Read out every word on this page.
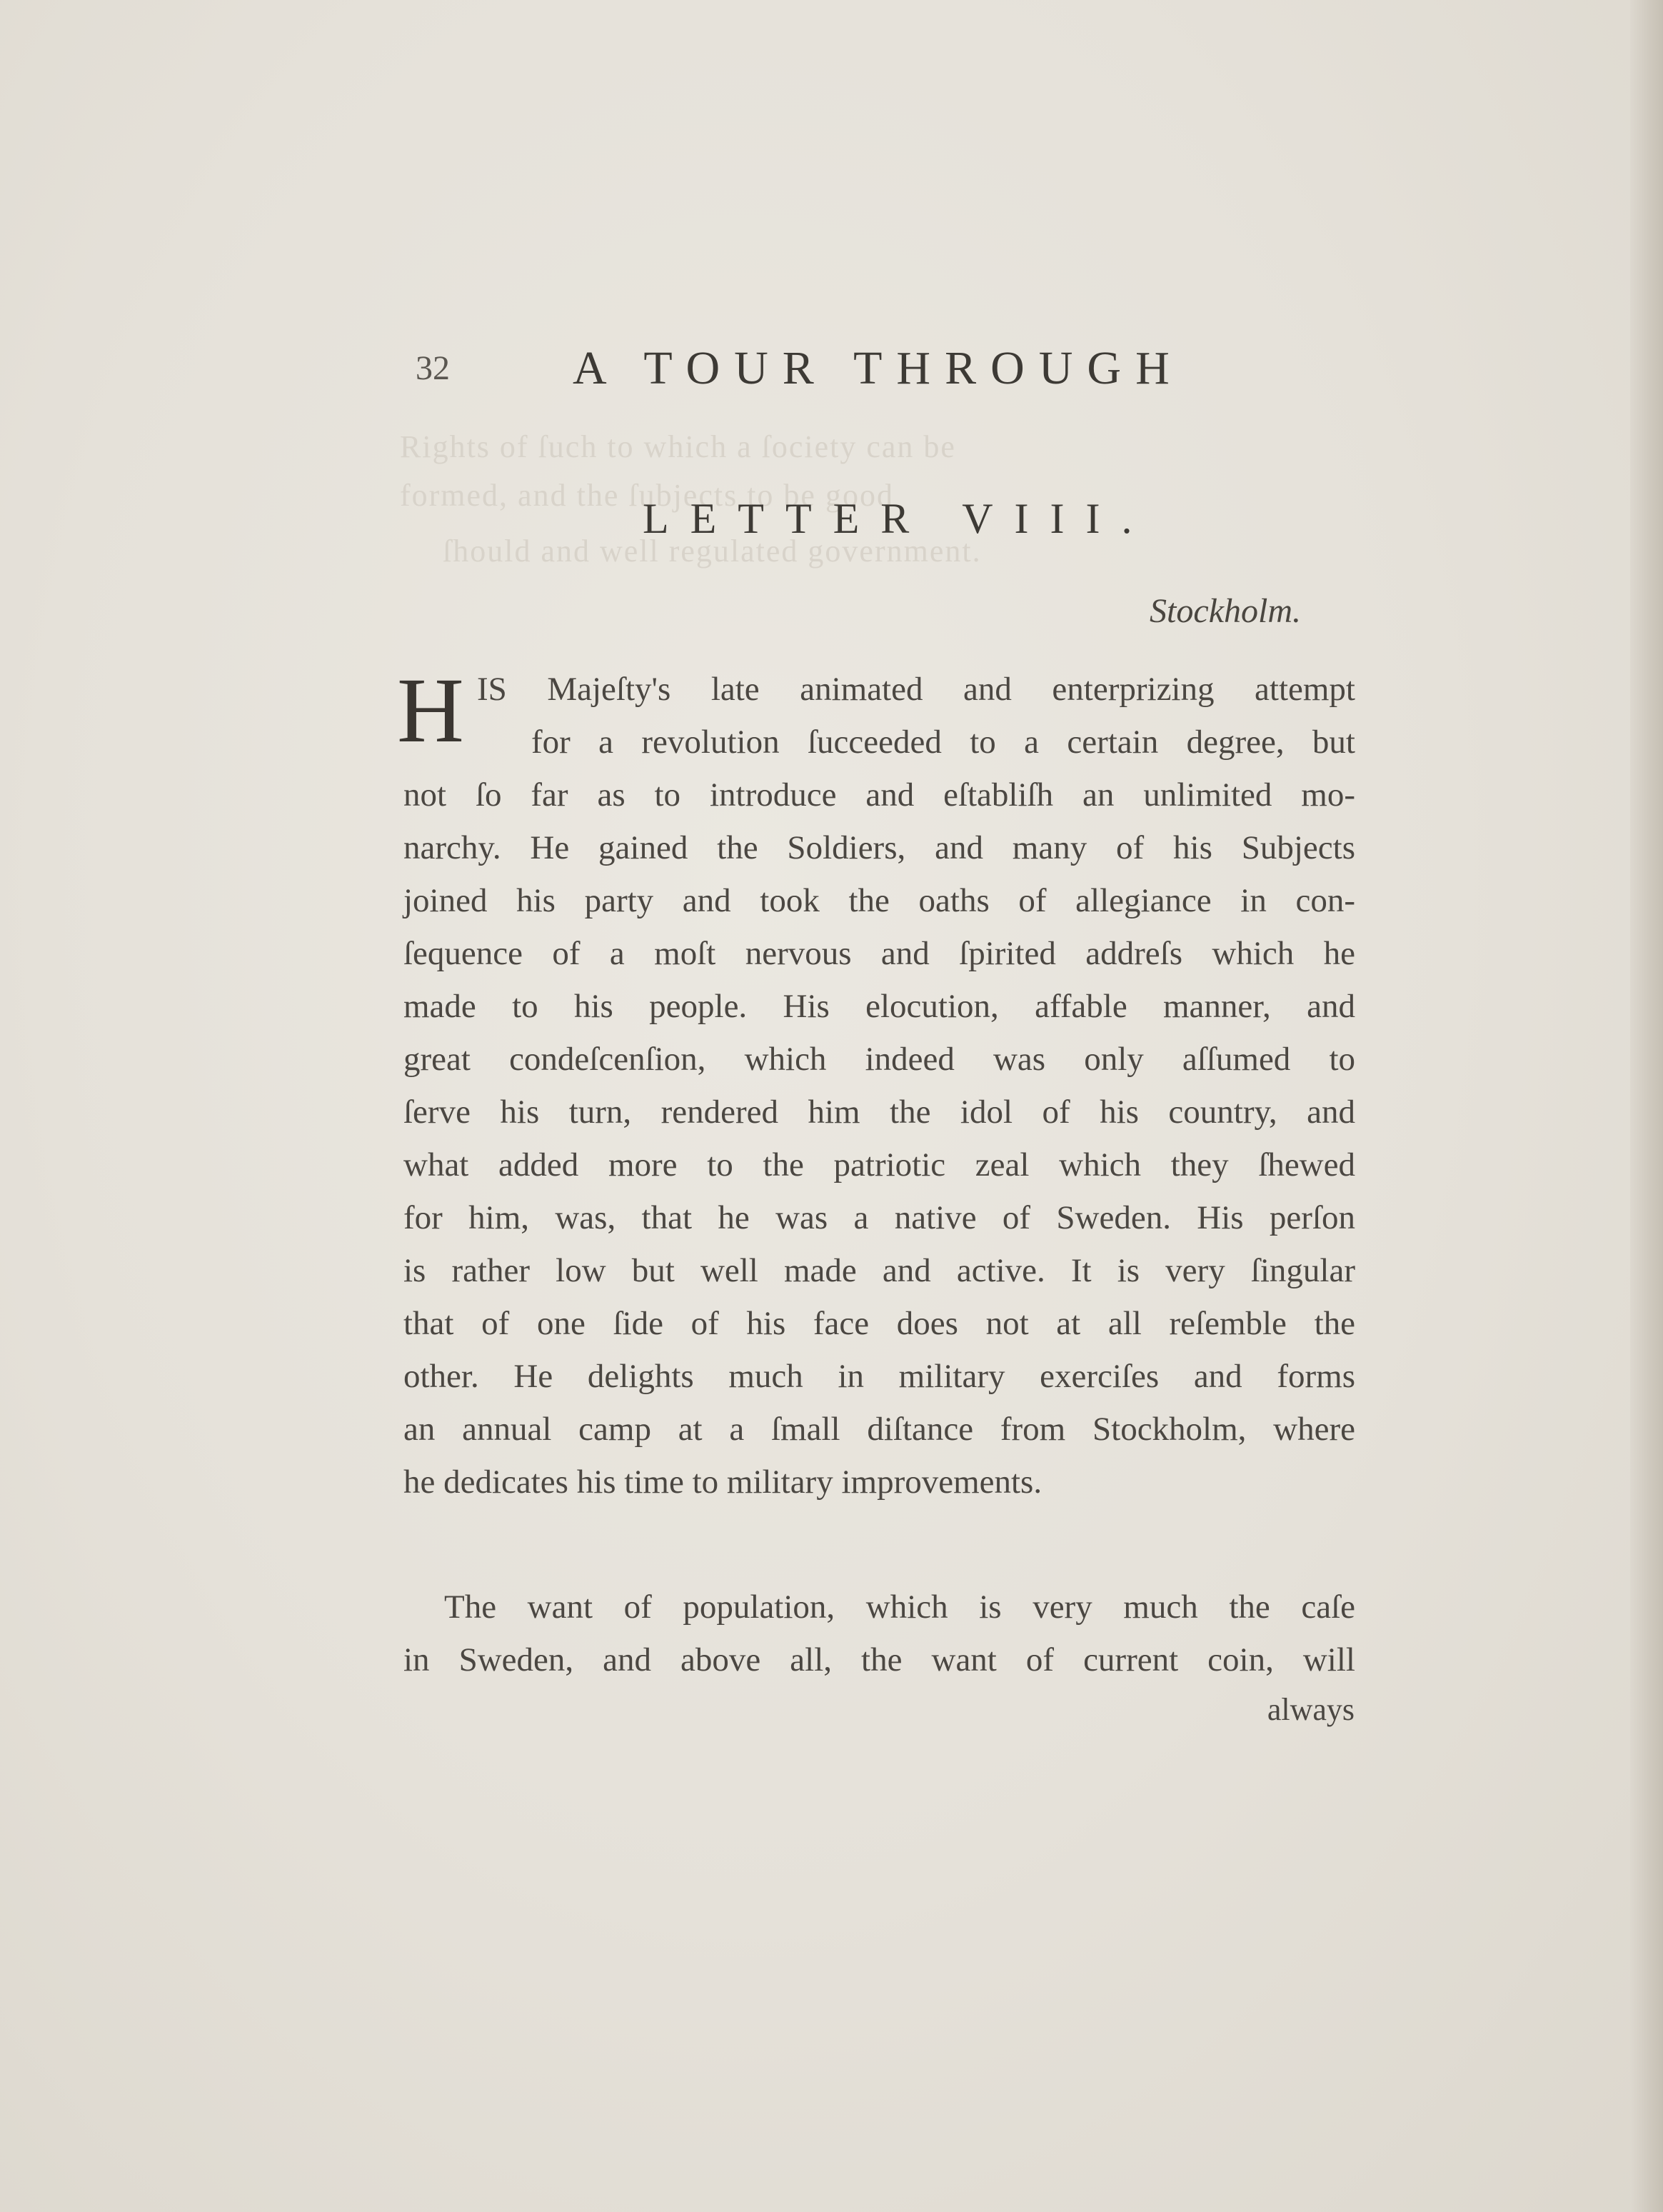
Rights of ſuch to which a ſociety can be
formed, and the ſubjects to be good
ſhould and well regulated government.
32	A TOUR THROUGH
LETTER VIII.
Stockholm.
H IS Majeſty's late animated and enterprizing attempt
for a revolution ſucceeded to a certain degree, but
not ſo far as to introduce and eſtabliſh an unlimited mo-
narchy. He gained the Soldiers, and many of his Subjects
joined his party and took the oaths of allegiance in con-
ſequence of a moſt nervous and ſpirited addreſs which he
made to his people. His elocution, affable manner, and
great condeſcenſion, which indeed was only aſſumed to
ſerve his turn, rendered him the idol of his country, and
what added more to the patriotic zeal which they ſhewed
for him, was, that he was a native of Sweden. His perſon
is rather low but well made and active. It is very ſingular
that of one ſide of his face does not at all reſemble the
other. He delights much in military exerciſes and forms
an annual camp at a ſmall diſtance from Stockholm, where
he dedicates his time to military improvements.
The want of population, which is very much the caſe
in Sweden, and above all, the want of current coin, will
always
